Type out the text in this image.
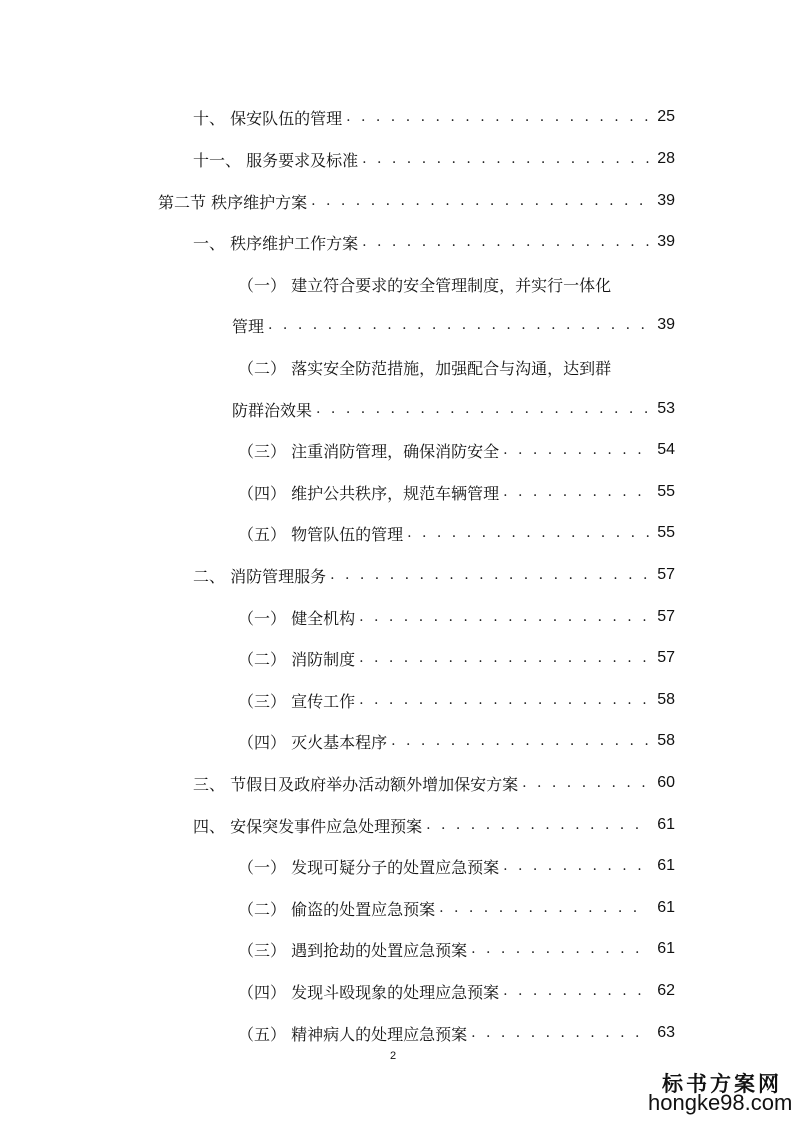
十、 保安队伍的管理 . . .	25
十一、 服务要求及标准 . . .	28
第二节 秩序维护方案 . . .	39
一、 秩序维护工作方案 . . .	39
（一） 建立符合要求的安全管理制度，并实行一体化
管理 . . .	39
（二） 落实安全防范措施，加强配合与沟通，达到群
防群治效果 . . .	53
（三） 注重消防管理，确保消防安全 . . .	54
（四） 维护公共秩序，规范车辆管理 . . .	55
（五） 物管队伍的管理 . . .	55
二、 消防管理服务 . . .	57
（一） 健全机构 . . .	57
（二） 消防制度 . . .	57
（三） 宣传工作 . . .	58
（四） 灭火基本程序 . . .	58
三、 节假日及政府举办活动额外增加保安方案 . . .	60
四、 安保突发事件应急处理预案 . . .	61
（一） 发现可疑分子的处置应急预案 . . .	61
（二） 偷盗的处置应急预案 . . .	61
（三） 遇到抢劫的处置应急预案 . . .	61
（四） 发现斗殴现象的处理应急预案 . . .	62
（五） 精神病人的处理应急预案 . . .	63
2
标书方案网
hongke98.com
